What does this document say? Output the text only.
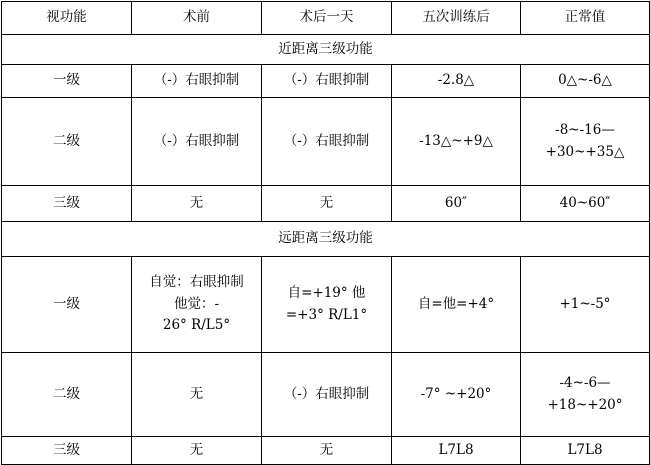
视功能	术前	术后一天	五次训练后	正常值

近距离三级功能				

一级	（-）右眼抑制	（-）右眼抑制	-2.8△	0△~-6△

二级	（-）右眼抑制	（-）右眼抑制	-13△~+9△	-8~-16—
+30~+35△

三级	无	无	60″	40~60″

远距离三级功能				

一级	自觉：右眼抑制
他觉：-
26° R/L5°	自=+19° 他
=+3° R/L1°	自=他=+4°	+1~-5°

二级	无	（-）右眼抑制	-7° ~+20°	-4~-6—
+18~+20°

三级	无	无	L7L8	L7L8
